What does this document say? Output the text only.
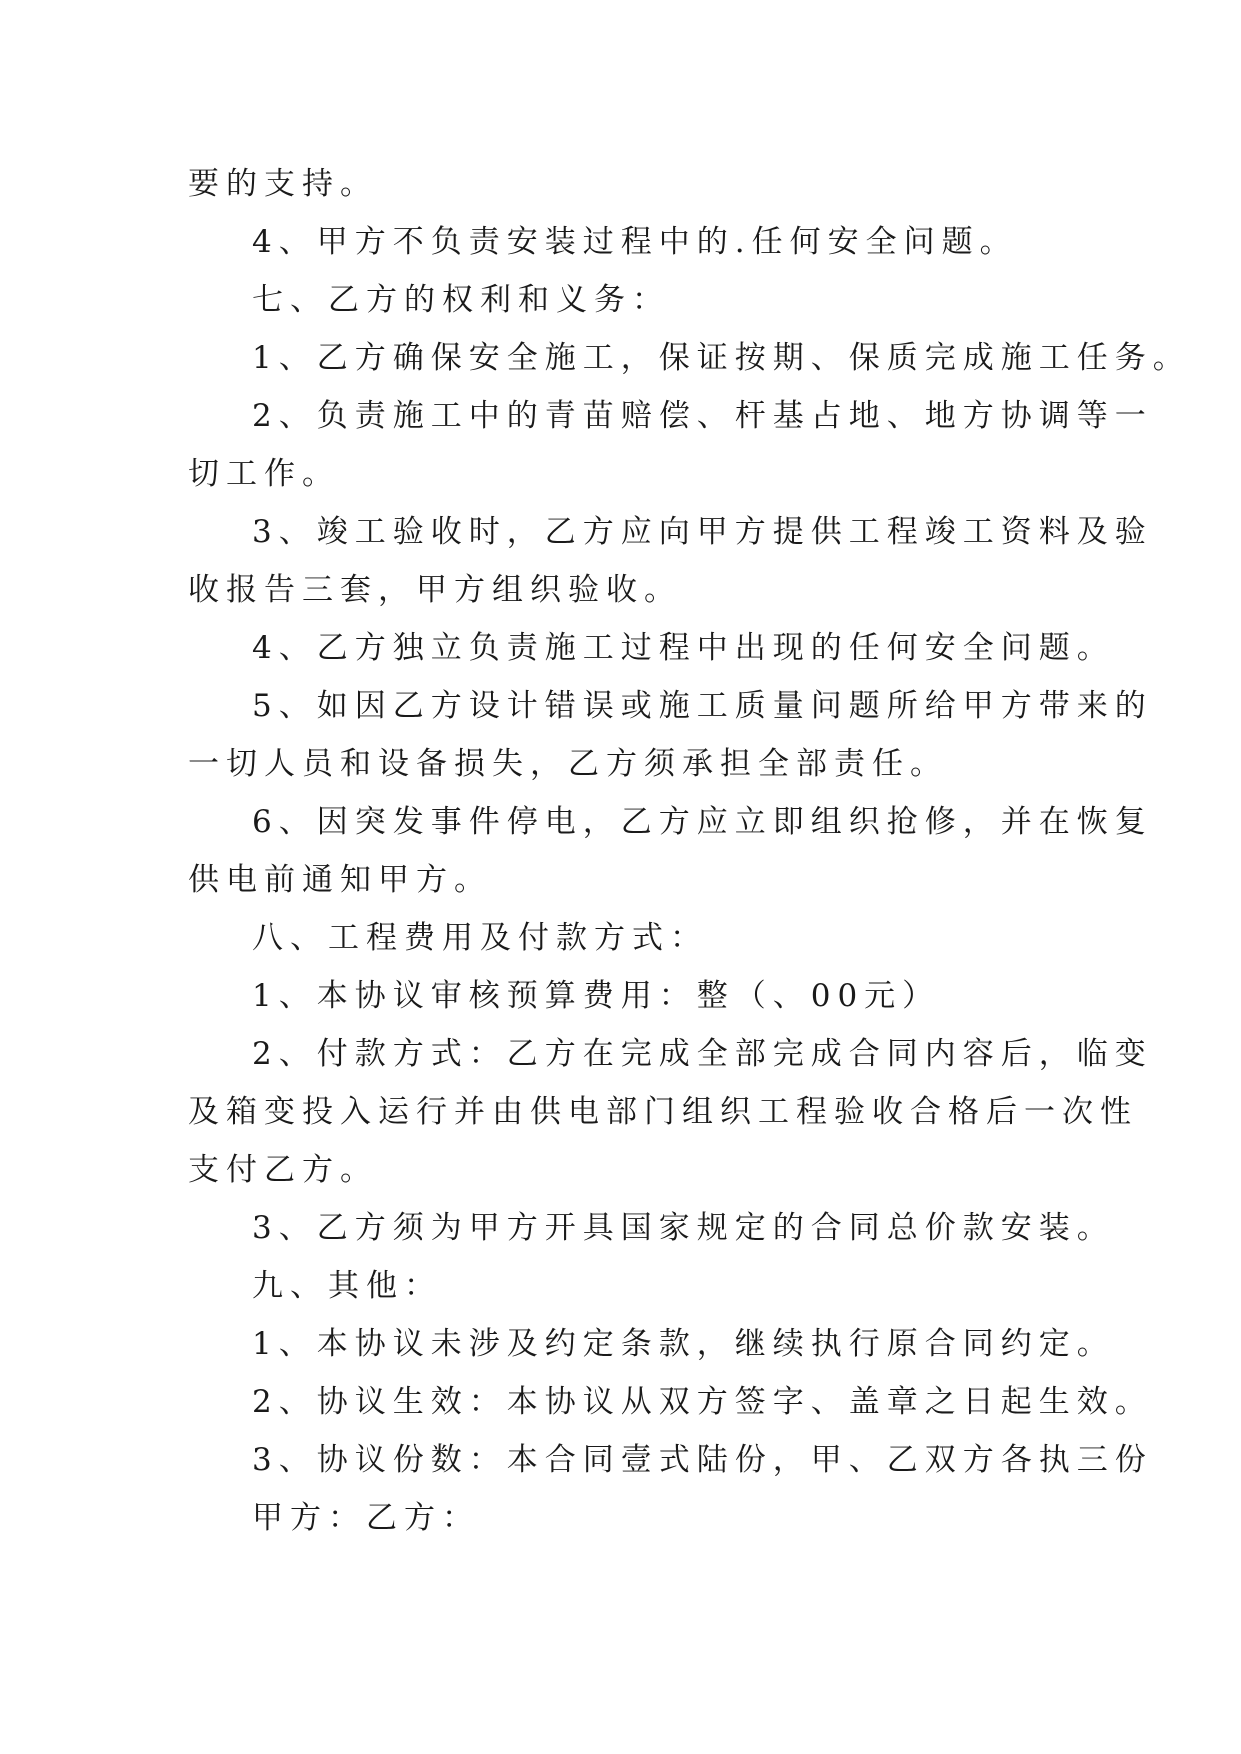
要的支持。
4、甲方不负责安装过程中的.任何安全问题。
七、乙方的权利和义务：
1、乙方确保安全施工，保证按期、保质完成施工任务。
2、负责施工中的青苗赔偿、杆基占地、地方协调等一
切工作。
3、竣工验收时，乙方应向甲方提供工程竣工资料及验
收报告三套，甲方组织验收。
4、乙方独立负责施工过程中出现的任何安全问题。
5、如因乙方设计错误或施工质量问题所给甲方带来的
一切人员和设备损失，乙方须承担全部责任。
6、因突发事件停电，乙方应立即组织抢修，并在恢复
供电前通知甲方。
八、工程费用及付款方式：
1、本协议审核预算费用：整（、00元）
2、付款方式：乙方在完成全部完成合同内容后，临变
及箱变投入运行并由供电部门组织工程验收合格后一次性
支付乙方。
3、乙方须为甲方开具国家规定的合同总价款安装。
九、其他：
1、本协议未涉及约定条款，继续执行原合同约定。
2、协议生效：本协议从双方签字、盖章之日起生效。
3、协议份数：本合同壹式陆份，甲、乙双方各执三份
甲方：乙方：
